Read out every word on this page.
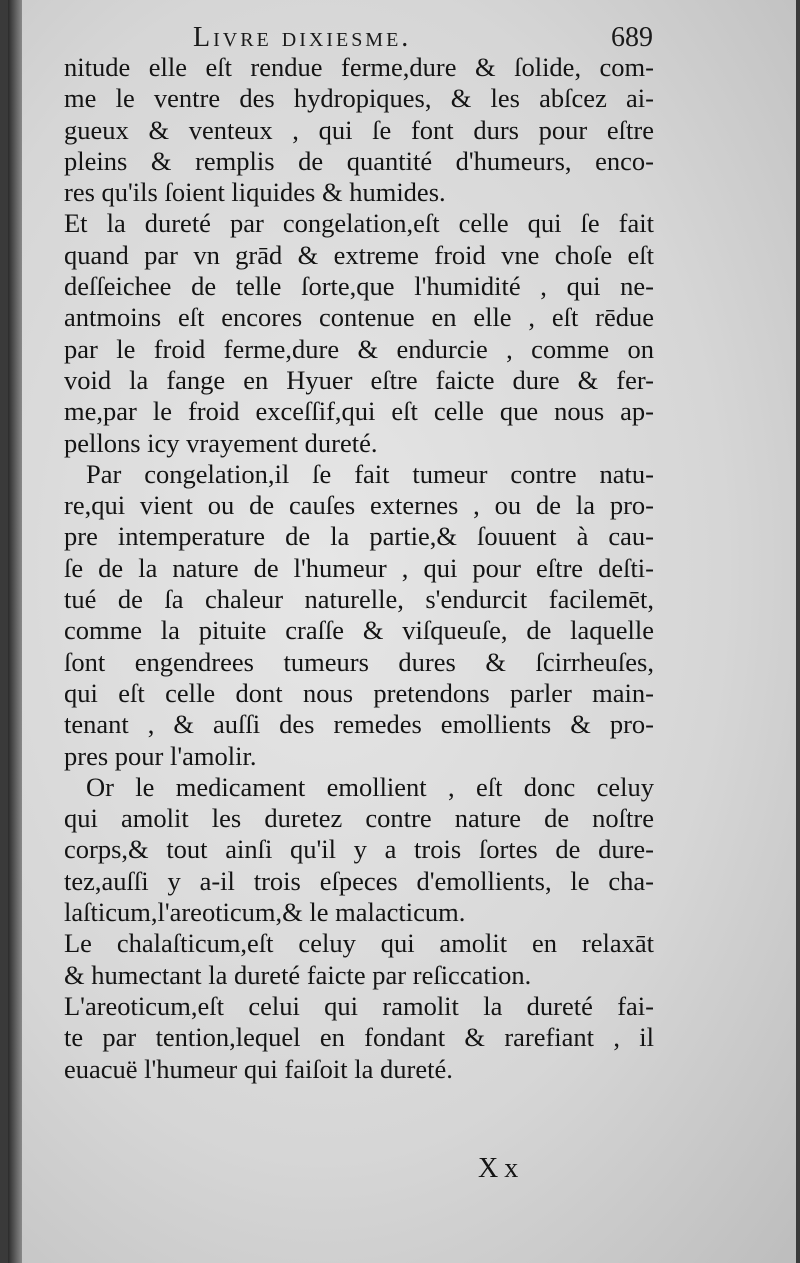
Livre dixiesme.	689
nitude elle eſt rendue ferme,dure & ſolide, com-
me le ventre des hydropiques, & les abſcez ai-
gueux & venteux , qui ſe font durs pour eſtre
pleins & remplis de quantité d'humeurs, enco-
res qu'ils ſoient liquides & humides.
Et la dureté par congelation,eſt celle qui ſe fait
quand par vn grād & extreme froid vne choſe eſt
deſſeichee de telle ſorte,que l'humidité , qui ne-
antmoins eſt encores contenue en elle , eſt rēdue
par le froid ferme,dure & endurcie , comme on
void la fange en Hyuer eſtre faicte dure & fer-
me,par le froid exceſſif,qui eſt celle que nous ap-
pellons icy vrayement dureté.
Par congelation,il ſe fait tumeur contre natu-
re,qui vient ou de cauſes externes , ou de la pro-
pre intemperature de la partie,& ſouuent à cau-
ſe de la nature de l'humeur , qui pour eſtre deſti-
tué de ſa chaleur naturelle, s'endurcit facilemēt,
comme la pituite craſſe & viſqueuſe, de laquelle
ſont engendrees tumeurs dures & ſcirrheuſes,
qui eſt celle dont nous pretendons parler main-
tenant , & auſſi des remedes emollients & pro-
pres pour l'amolir.
Or le medicament emollient , eſt donc celuy
qui amolit les duretez contre nature de noſtre
corps,& tout ainſi qu'il y a trois ſortes de dure-
tez,auſſi y a-il trois eſpeces d'emollients, le cha-
laſticum,l'areoticum,& le malacticum.
Le chalaſticum,eſt celuy qui amolit en relaxāt
& humectant la dureté faicte par reſiccation.
L'areoticum,eſt celui qui ramolit la dureté fai-
te par tention,lequel en fondant & rarefiant , il
euacuë l'humeur qui faiſoit la dureté.
Xx
